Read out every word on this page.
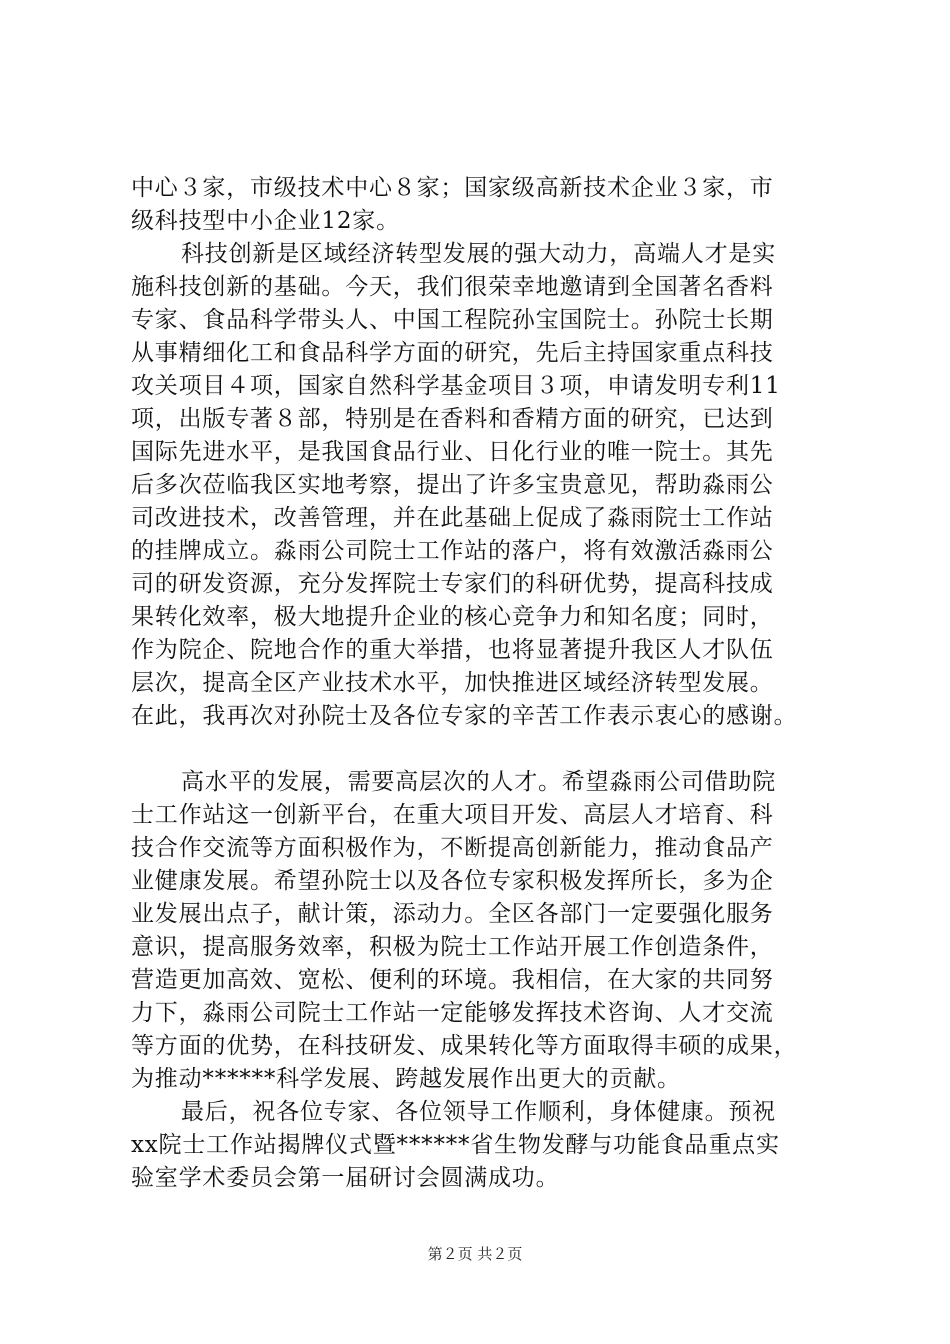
中心３家，市级技术中心８家；国家级高新技术企业３家，市
级科技型中小企业12家。
科技创新是区域经济转型发展的强大动力，高端人才是实
施科技创新的基础。今天，我们很荣幸地邀请到全国著名香料
专家、食品科学带头人、中国工程院孙宝国院士。孙院士长期
从事精细化工和食品科学方面的研究，先后主持国家重点科技
攻关项目４项，国家自然科学基金项目３项，申请发明专利11
项，出版专著８部，特别是在香料和香精方面的研究，已达到
国际先进水平，是我国食品行业、日化行业的唯一院士。其先
后多次莅临我区实地考察，提出了许多宝贵意见，帮助淼雨公
司改进技术，改善管理，并在此基础上促成了淼雨院士工作站
的挂牌成立。淼雨公司院士工作站的落户，将有效激活淼雨公
司的研发资源，充分发挥院士专家们的科研优势，提高科技成
果转化效率，极大地提升企业的核心竞争力和知名度；同时，
作为院企、院地合作的重大举措，也将显著提升我区人才队伍
层次，提高全区产业技术水平，加快推进区域经济转型发展。
在此，我再次对孙院士及各位专家的辛苦工作表示衷心的感谢。
高水平的发展，需要高层次的人才。希望淼雨公司借助院
士工作站这一创新平台，在重大项目开发、高层人才培育、科
技合作交流等方面积极作为，不断提高创新能力，推动食品产
业健康发展。希望孙院士以及各位专家积极发挥所长，多为企
业发展出点子，献计策，添动力。全区各部门一定要强化服务
意识，提高服务效率，积极为院士工作站开展工作创造条件，
营造更加高效、宽松、便利的环境。我相信，在大家的共同努
力下，淼雨公司院士工作站一定能够发挥技术咨询、人才交流
等方面的优势，在科技研发、成果转化等方面取得丰硕的成果，
为推动******科学发展、跨越发展作出更大的贡献。
最后，祝各位专家、各位领导工作顺利，身体健康。预祝
xx院士工作站揭牌仪式暨******省生物发酵与功能食品重点实
验室学术委员会第一届研讨会圆满成功。
第２页 共２页
